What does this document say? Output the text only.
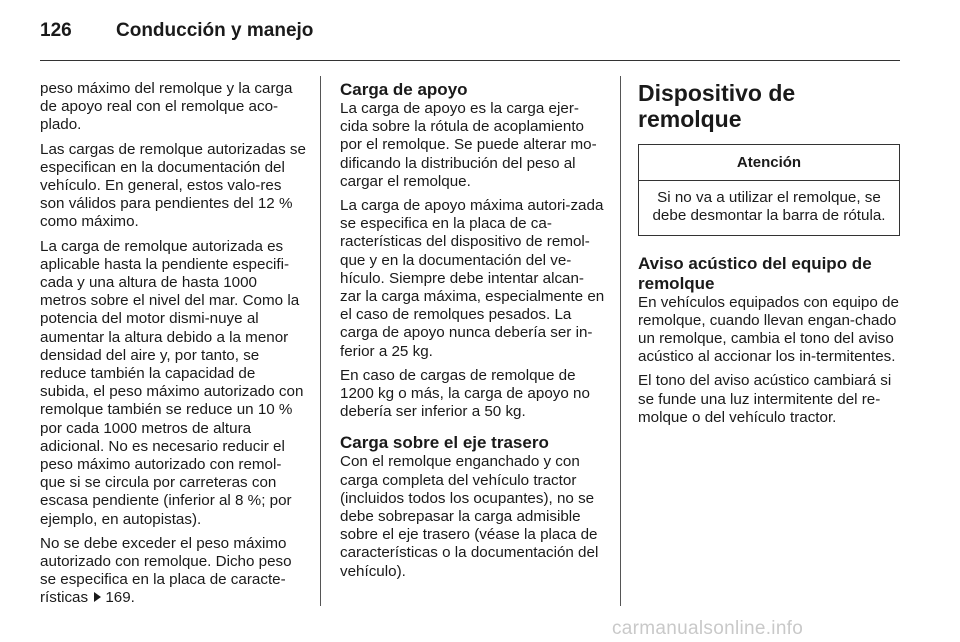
126 Conducción y manejo

peso máximo del remolque y la carga de apoyo real con el remolque aco-plado.

Las cargas de remolque autorizadas se especifican en la documentación del vehículo. En general, estos valo-res son válidos para pendientes del 12 % como máximo.

La carga de remolque autorizada es aplicable hasta la pendiente especifi-cada y una altura de hasta 1000 metros sobre el nivel del mar. Como la potencia del motor dismi-nuye al aumentar la altura debido a la menor densidad del aire y, por tanto, se reduce también la capacidad de subida, el peso máximo autorizado con remolque también se reduce un 10 % por cada 1000 metros de altura adicional. No es necesario reducir el peso máximo autorizado con remol-que si se circula por carreteras con escasa pendiente (inferior al 8 %; por ejemplo, en autopistas).

No se debe exceder el peso máximo autorizado con remolque. Dicho peso se especifica en la placa de caracte-rísticas 169.

Carga de apoyo

La carga de apoyo es la carga ejer-cida sobre la rótula de acoplamiento por el remolque. Se puede alterar mo-dificando la distribución del peso al cargar el remolque.

La carga de apoyo máxima autori-zada se especifica en la placa de ca-racterísticas del dispositivo de remol-que y en la documentación del ve-hículo. Siempre debe intentar alcan-zar la carga máxima, especialmente en el caso de remolques pesados. La carga de apoyo nunca debería ser in-ferior a 25 kg.

En caso de cargas de remolque de 1200 kg o más, la carga de apoyo no debería ser inferior a 50 kg.

Carga sobre el eje trasero

Con el remolque enganchado y con carga completa del vehículo tractor (incluidos todos los ocupantes), no se debe sobrepasar la carga admisible sobre el eje trasero (véase la placa de características o la documentación del vehículo).

Dispositivo de remolque
Atención
Si no va a utilizar el remolque, se debe desmontar la barra de rótula.
Aviso acústico del equipo de remolque

En vehículos equipados con equipo de remolque, cuando llevan engan-chado un remolque, cambia el tono del aviso acústico al accionar los in-termitentes.

El tono del aviso acústico cambiará si se funde una luz intermitente del re-molque o del vehículo tractor.

carmanualsonline.info
